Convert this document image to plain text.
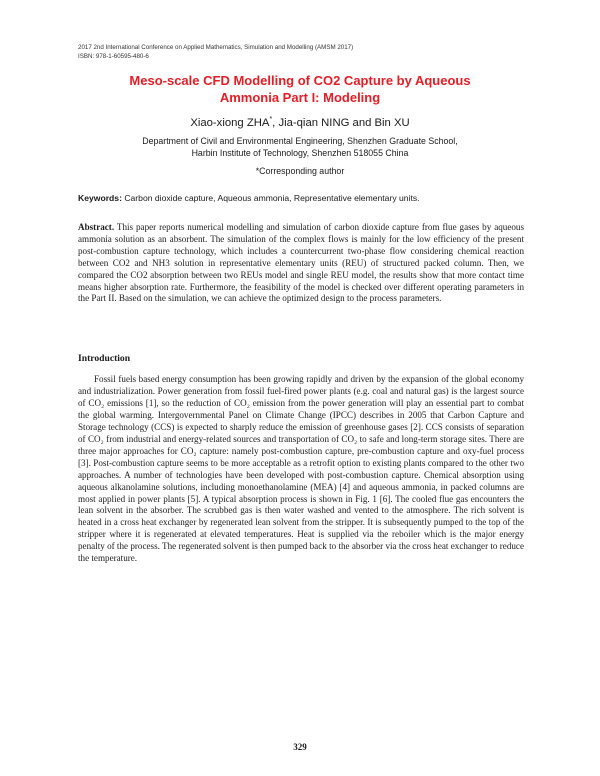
2017 2nd International Conference on Applied Mathematics, Simulation and Modelling (AMSM 2017)
ISBN: 978-1-60595-480-6
Meso-scale CFD Modelling of CO2 Capture by Aqueous
Ammonia Part I: Modeling
Xiao-xiong ZHA*, Jia-qian NING and Bin XU
Department of Civil and Environmental Engineering, Shenzhen Graduate School,
Harbin Institute of Technology, Shenzhen 518055 China
*Corresponding author
Keywords: Carbon dioxide capture, Aqueous ammonia, Representative elementary units.
Abstract. This paper reports numerical modelling and simulation of carbon dioxide capture from flue gases by aqueous ammonia solution as an absorbent. The simulation of the complex flows is mainly for the low efficiency of the present post-combustion capture technology, which includes a countercurrent two-phase flow considering chemical reaction between CO2 and NH3 solution in representative elementary units (REU) of structured packed column. Then, we compared the CO2 absorption between two REUs model and single REU model, the results show that more contact time means higher absorption rate. Furthermore, the feasibility of the model is checked over different operating parameters in the Part II. Based on the simulation, we can achieve the optimized design to the process parameters.
Introduction
Fossil fuels based energy consumption has been growing rapidly and driven by the expansion of the global economy and industrialization. Power generation from fossil fuel-fired power plants (e.g. coal and natural gas) is the largest source of CO₂ emissions [1], so the reduction of CO₂ emission from the power generation will play an essential part to combat the global warming. Intergovernmental Panel on Climate Change (IPCC) describes in 2005 that Carbon Capture and Storage technology (CCS) is expected to sharply reduce the emission of greenhouse gases [2]. CCS consists of separation of CO₂ from industrial and energy-related sources and transportation of CO₂ to safe and long-term storage sites. There are three major approaches for CO₂ capture: namely post-combustion capture, pre-combustion capture and oxy-fuel process [3]. Post-combustion capture seems to be more acceptable as a retrofit option to existing plants compared to the other two approaches. A number of technologies have been developed with post-combustion capture. Chemical absorption using aqueous alkanolamine solutions, including monoethanolamine (MEA) [4] and aqueous ammonia, in packed columns are most applied in power plants [5]. A typical absorption process is shown in Fig. 1 [6]. The cooled flue gas encounters the lean solvent in the absorber. The scrubbed gas is then water washed and vented to the atmosphere. The rich solvent is heated in a cross heat exchanger by regenerated lean solvent from the stripper. It is subsequently pumped to the top of the stripper where it is regenerated at elevated temperatures. Heat is supplied via the reboiler which is the major energy penalty of the process. The regenerated solvent is then pumped back to the absorber via the cross heat exchanger to reduce the temperature.
329
